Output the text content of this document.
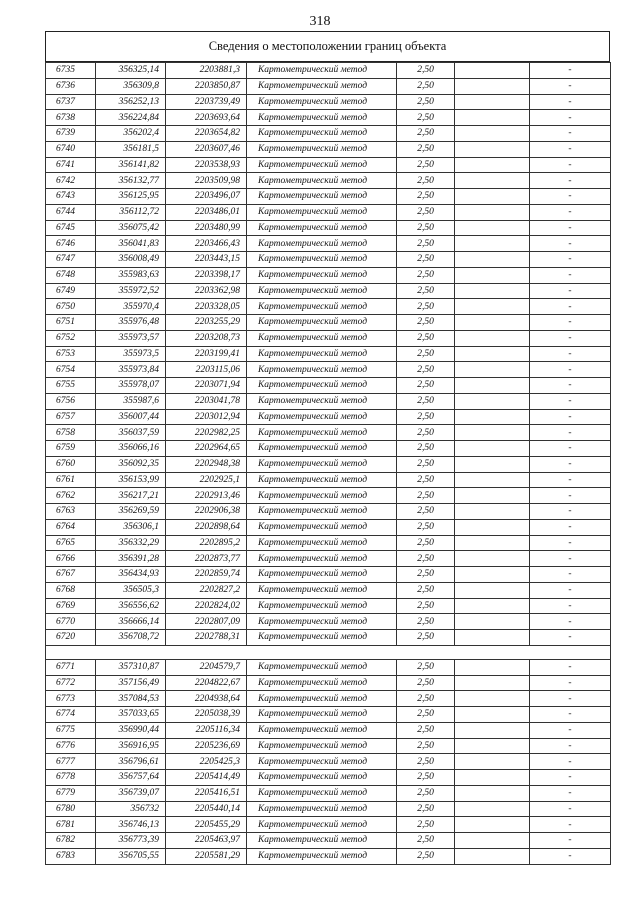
318
Сведения о местоположении границ объекта
6735	356325,14	2203881,3	Картометрический метод	2,50		-
6736	356309,8	2203850,87	Картометрический метод	2,50		-
6737	356252,13	2203739,49	Картометрический метод	2,50		-
6738	356224,84	2203693,64	Картометрический метод	2,50		-
6739	356202,4	2203654,82	Картометрический метод	2,50		-
6740	356181,5	2203607,46	Картометрический метод	2,50		-
6741	356141,82	2203538,93	Картометрический метод	2,50		-
6742	356132,77	2203509,98	Картометрический метод	2,50		-
6743	356125,95	2203496,07	Картометрический метод	2,50		-
6744	356112,72	2203486,01	Картометрический метод	2,50		-
6745	356075,42	2203480,99	Картометрический метод	2,50		-
6746	356041,83	2203466,43	Картометрический метод	2,50		-
6747	356008,49	2203443,15	Картометрический метод	2,50		-
6748	355983,63	2203398,17	Картометрический метод	2,50		-
6749	355972,52	2203362,98	Картометрический метод	2,50		-
6750	355970,4	2203328,05	Картометрический метод	2,50		-
6751	355976,48	2203255,29	Картометрический метод	2,50		-
6752	355973,57	2203208,73	Картометрический метод	2,50		-
6753	355973,5	2203199,41	Картометрический метод	2,50		-
6754	355973,84	2203115,06	Картометрический метод	2,50		-
6755	355978,07	2203071,94	Картометрический метод	2,50		-
6756	355987,6	2203041,78	Картометрический метод	2,50		-
6757	356007,44	2203012,94	Картометрический метод	2,50		-
6758	356037,59	2202982,25	Картометрический метод	2,50		-
6759	356066,16	2202964,65	Картометрический метод	2,50		-
6760	356092,35	2202948,38	Картометрический метод	2,50		-
6761	356153,99	2202925,1	Картометрический метод	2,50		-
6762	356217,21	2202913,46	Картометрический метод	2,50		-
6763	356269,59	2202906,38	Картометрический метод	2,50		-
6764	356306,1	2202898,64	Картометрический метод	2,50		-
6765	356332,29	2202895,2	Картометрический метод	2,50		-
6766	356391,28	2202873,77	Картометрический метод	2,50		-
6767	356434,93	2202859,74	Картометрический метод	2,50		-
6768	356505,3	2202827,2	Картометрический метод	2,50		-
6769	356556,62	2202824,02	Картометрический метод	2,50		-
6770	356666,14	2202807,09	Картометрический метод	2,50		-
6720	356708,72	2202788,31	Картометрический метод	2,50		-

6771	357310,87	2204579,7	Картометрический метод	2,50		-
6772	357156,49	2204822,67	Картометрический метод	2,50		-
6773	357084,53	2204938,64	Картометрический метод	2,50		-
6774	357033,65	2205038,39	Картометрический метод	2,50		-
6775	356990,44	2205116,34	Картометрический метод	2,50		-
6776	356916,95	2205236,69	Картометрический метод	2,50		-
6777	356796,61	2205425,3	Картометрический метод	2,50		-
6778	356757,64	2205414,49	Картометрический метод	2,50		-
6779	356739,07	2205416,51	Картометрический метод	2,50		-
6780	356732	2205440,14	Картометрический метод	2,50		-
6781	356746,13	2205455,29	Картометрический метод	2,50		-
6782	356773,39	2205463,97	Картометрический метод	2,50		-
6783	356705,55	2205581,29	Картометрический метод	2,50		-
